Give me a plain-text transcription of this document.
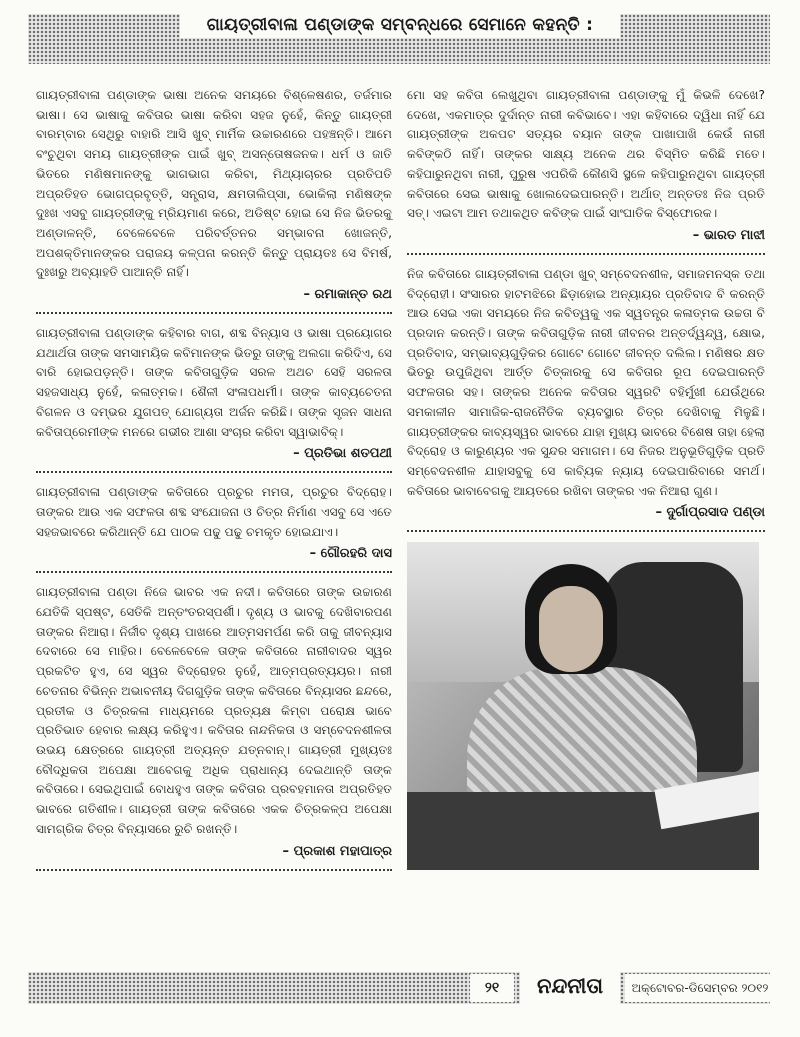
ଗାୟତ୍ରୀବାଳା ପଣ୍ଡାଙ୍କ ସମ୍ବନ୍ଧରେ ସେମାନେ କହନ୍ତି :

ଗାୟତ୍ରୀବାଳା ପଣ୍ଡାଙ୍କ ଭାଷା ଅନେକ ସମୟରେ ବିଶ୍ଳେଷଣର, ତର୍ଜମାର ଭାଷା। ସେ ଭାଷାକୁ କବିତାର ଭାଷା କରିବା ସହଜ ନୁହେଁ, କିନ୍ତୁ ଗାୟତ୍ରୀ ବାରମ୍ବାର ସେଥିରୁ ବାହାରି ଆସି ଖୁବ୍ ମାର୍ମିକ ଉଚ୍ଚାରଣରେ ପହଞ୍ଚନ୍ତି। ଆମେ ବଂଚୁଥିବା ସମୟ ଗାୟତ୍ରୀଙ୍କ ପାଇଁ ଖୁବ୍ ଅସନ୍ତୋଷଜନକ। ଧର୍ମ ଓ ଜାତି ଭିତରେ ମଣିଷମାନଙ୍କୁ ଭାଗଭାଗ କରିବା, ମିଥ୍ୟାଚାରର ପ୍ରତିପତି ଅପ୍ରତିହତ ଭୋଗପ୍ରବୃତ୍ତି, ସନ୍ତ୍ରାସ, କ୍ଷମତାଲିପ୍ସା, ଭୋକିଲା ମଣିଷଙ୍କ ଦୁଃଖ ଏସବୁ ଗାୟତ୍ରୀଙ୍କୁ ମ୍ରିୟମାଣ କରେ, ଅଡିଷ୍ଟ ହୋଇ ସେ ନିଜ ଭିତରକୁ ଅଣ୍ଡାଳନ୍ତି, ବେଳେବେଳେ ପରିବର୍ତ୍ତନର ସମ୍ଭାବନା ଖୋଜନ୍ତି, ଅପଶକ୍ତିମାନଙ୍କର ପରାଜୟ କଳ୍ପନା କରନ୍ତି କିନ୍ତୁ ପ୍ରାୟତଃ ସେ ବିମର୍ଷ, ଦୁଃଖରୁ ଅବ୍ୟାହତି ପାଆନ୍ତି ନାହିଁ।

– ରମାକାନ୍ତ ରଥ

ଗାୟତ୍ରୀବାଳା ପଣ୍ଡାଙ୍କ କହିବାର ବାଗ, ଶବ୍ଦ ବିନ୍ୟାସ ଓ ଭାଷା ପ୍ରୟୋଗର ଯଥାର୍ଥତା ତାଙ୍କ ସମସାମୟିକ କବିମାନଙ୍କ ଭିତରୁ ତାଙ୍କୁ ଅଲଗା କରିଦିଏ, ସେ ବାରି ହୋଇପଡ଼ନ୍ତି। ତାଙ୍କ କବିତାଗୁଡ଼ିକ ସରଳ ଅଥଚ ସେହି ସରଳତା ସହଜସାଧ୍ୟ ନୁହେଁ, କଳାତ୍ମକ। ଶୈଳୀ ସଂଳାପଧର୍ମୀ। ତାଙ୍କ କାବ୍ୟଚେତନା ବିଗଳନ ଓ ଦମ୍ଭର ଯୁଗପତ୍ ଯୋଗ୍ୟତା ଅର୍ଜନ କରିଛି। ତାଙ୍କ ସୃଜନ ସାଧନା କବିତାପ୍ରେମୀଙ୍କ ମନରେ ଗଭୀର ଆଶା ସଂଚାର କରିବା ସ୍ୱାଭାବିକ୍।

– ପ୍ରତିଭା ଶତପଥୀ

ଗାୟତ୍ରୀବାଳା ପଣ୍ଡାଙ୍କ କବିତାରେ ପ୍ରଚୁର ମମତା, ପ୍ରଚୁର ବିଦ୍ରୋହ। ତାଙ୍କର ଆଉ ଏକ ସଫଳତା ଶବ୍ଦ ସଂଯୋଜନା ଓ ଚିତ୍ର ନିର୍ମାଣ ଏସବୁ ସେ ଏତେ ସହଜଭାବରେ କରିଥାନ୍ତି ଯେ ପାଠକ ପଢୁ ପଢୁ ଚମକୃତ ହୋଇଯାଏ।

– ଗୌରହରି ଦାସ

ଗାୟତ୍ରୀବାଳା ପଣ୍ଡା ନିଜେ ଭାବର ଏକ ନଦୀ। କବିତାରେ ତାଙ୍କ ଉଚ୍ଚାରଣ ଯେତିକି ସ୍ପଷ୍ଟ, ସେତିକି ଅନ୍ତଂତରସ୍ପର୍ଶୀ। ଦୃଶ୍ୟ ଓ ଭାବକୁ ଦେଖିବାରପଣ ତାଙ୍କର ନିଆରା। ନିର୍ଜୀବ ଦୃଶ୍ୟ ପାଖରେ ଆତ୍ମସମର୍ପଣ କରି ତାକୁ ଜୀବନ୍ୟାସ ଦେବାରେ ସେ ମାହିର। ବେଳେବେଳେ ତାଙ୍କ କବିତାରେ ନାରୀବାଦର ସ୍ୱର ପ୍ରକଟିତ ହୁଏ, ସେ ସ୍ୱର ବିଦ୍ରୋହର ନୁହେଁ, ଆତ୍ମପ୍ରତ୍ୟୟର। ନାରୀ ଚେତନାର ବିଭିନ୍ନ ଅଭାବନୀୟ ଦିଗଗୁଡ଼ିକ ତାଙ୍କ କବିତାରେ ବିନ୍ୟାସର ଛନ୍ଦରେ, ପ୍ରତୀକ ଓ ଚିତ୍ରକଳା ମାଧ୍ୟମରେ ପ୍ରତ୍ୟକ୍ଷ କିମ୍ବା ପରୋକ୍ଷ ଭାବେ ପ୍ରତିଭାତ ହେବାର ଲକ୍ଷ୍ୟ କରିହୁଏ। କବିତାର ନାନ୍ଦନିକତା ଓ ସମ୍ବେଦନଶୀଳତା ଉଭୟ କ୍ଷେତ୍ରରେ ଗାୟତ୍ରୀ ଅତ୍ୟନ୍ତ ଯତ୍ନବାନ୍। ଗାୟତ୍ରୀ ମୁଖ୍ୟତଃ ବୌଦ୍ଧିକତା ଅପେକ୍ଷା ଆବେଗକୁ ଅଧିକ ପ୍ରାଧାନ୍ୟ ଦେଇଥାନ୍ତି ତାଙ୍କ କବିତାରେ। ସେଇଥିପାଇଁ ବୋଧହୁଏ ତାଙ୍କ କବିତାର ପ୍ରବହମାନତା ଅପ୍ରତିହତ ଭାବରେ ଗତିଶୀଳ। ଗାୟତ୍ରୀ ତାଙ୍କ କବିତାରେ ଏକକ ଚିତ୍ରକଳ୍ପ ଅପେକ୍ଷା ସାମଗ୍ରିକ ଚିତ୍ର ବିନ୍ୟାସରେ ରୁଚି ରଖନ୍ତି।

– ପ୍ରକାଶ ମହାପାତ୍ର

ମୋ ସହ କବିତା ଲେଖୁଥିବା ଗାୟତ୍ରୀବାଳା ପଣ୍ଡାଙ୍କୁ ମୁଁ କିଭଳି ଦେଖେ? ଦେଖେ, ଏକମାତ୍ର ଦୁର୍ଦାନ୍ତ ନାରୀ କବିଭାବେ। ଏହା କହିବାରେ ଦ୍ୱିଧା ନାହିଁ ଯେ ଗାୟତ୍ରୀଙ୍କ ଅକପଟ ସତ୍ୟର ବୟାନ ତାଙ୍କ ପାଖାପାଖି କେଉଁ ନାରୀ କବିଙ୍କଠି ନାହିଁ। ତାଙ୍କର ସାକ୍ଷ୍ୟ ଅନେକ ଥର ବିସ୍ମିତ କରିଛି ମତେ। କହିପାରୁନଥିବା ନାରୀ, ପୁରୁଷ ଏପରିକି କୌଣସି ସ୍ଥଳେ କହିପାରୁନଥିବା ଗାୟତ୍ରୀ କବିତାରେ ସେଇ ଭାଷାକୁ ଖୋଲଦେଇପାରନ୍ତି। ଅର୍ଥାତ୍ ଅନ୍ତତଃ ନିଜ ପ୍ରତି ସତ୍। ଏଇଟା ଆମ ତଥାକଥିତ କବିଙ୍କ ପାଇଁ ସାଂଘାତିକ ବିସ୍ଫୋରକ।

– ଭାରତ ମାଝୀ

ନିଜ କବିତାରେ ଗାୟତ୍ରୀବାଳା ପଣ୍ଡା ଖୁବ୍ ସମ୍ବେଦନଶୀଳ, ସମାଜମନସ୍କ ତଥା ବିଦ୍ରୋହୀ। ସଂସାରର ହାଟମଝିରେ ଛିଡ଼ାହୋଇ ଅନ୍ୟାୟର ପ୍ରତିବାଦ ବି କରନ୍ତି ଆଉ ସେଇ ଏକା ସମୟରେ ନିଜ କବିତ୍ୱକୁ ଏକ ସ୍ୱତନ୍ତ୍ର କଳାତ୍ମକ ଉଚ୍ଚତା ବି ପ୍ରଦାନ କରନ୍ତି। ତାଙ୍କ କବିତାଗୁଡ଼ିକ ନାରୀ ଜୀବନର ଅନ୍ତର୍ଦ୍ୱନ୍ଦ୍ୱ, କ୍ଷୋଭ, ପ୍ରତିବାଦ, ସମ୍ଭାବ୍ୟଗୁଡ଼ିକର ଗୋଟେ ଗୋଟେ ଜୀବନ୍ତ ଦଲିଲ। ମଣିଷର କ୍ଷତ ଭିତରୁ ଉପୁଜିଥିବା ଆର୍ତ୍ତ ଚିତ୍କାରକୁ ସେ କବିତାର ରୂପ ଦେଇପାରନ୍ତି ସଫଳତାର ସହ। ତାଙ୍କର ଅନେକ କବିତାର ସ୍ୱରଟି ବହିର୍ମୁଖୀ ଯେଉଁଥିରେ ସମକାଳୀନ ସାମାଜିକ-ରାଜନୈତିକ ବ୍ୟବସ୍ଥାର ଚିତ୍ର ଦେଖିବାକୁ ମିଳୁଛି। ଗାୟତ୍ରୀଙ୍କର କାବ୍ୟସ୍ୱର ଭାବରେ ଯାହା ମୁଖ୍ୟ ଭାବରେ ବିଶେଷ ତାହା ହେଲା ବିଦ୍ରୋହ ଓ କାରୁଣ୍ୟର ଏକ ସୁନ୍ଦର ସମାଗମ। ସେ ନିଜର ଅନୁଭୂତିଗୁଡ଼ିକ ପ୍ରତି ସମ୍ବେଦନଶୀଳ ଯାହାସବୁକୁ ସେ କାବ୍ୟିକ ନ୍ୟାୟ ଦେଇପାରିବାରେ ସମର୍ଥ। କବିତାରେ ଭାବାବେଗକୁ ଆୟତରେ ରଖିବା ତାଙ୍କର ଏକ ନିଆରା ଗୁଣ।

– ଦୁର୍ଗାପ୍ରସାଦ ପଣ୍ଡା
୨୧	ନନ୍ଦନୀତା	ଅକ୍ଟୋବର-ଡିସେମ୍ବର ୨୦୧୨
